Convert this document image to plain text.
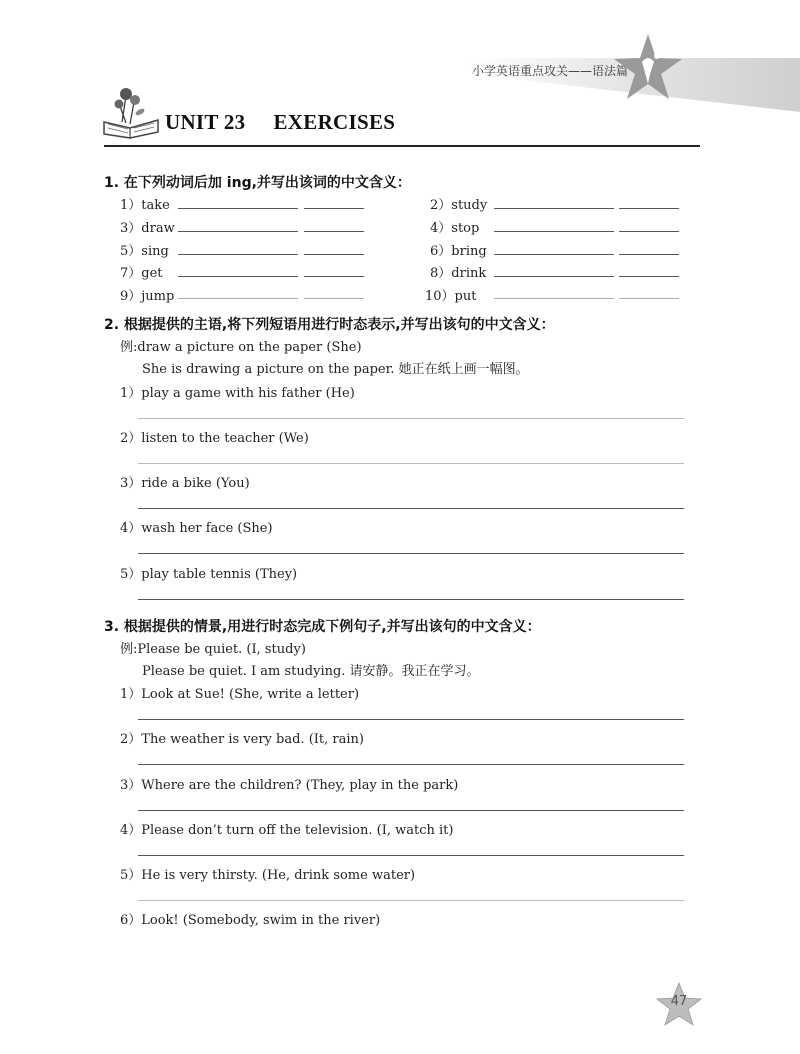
小学英语重点攻关——语法篇
UNIT 23 EXERCISES
1. 在下列动词后加 ing,并写出该词的中文含义：
1）take	2）study
3）draw	4）stop
5）sing	6）bring
7）get	8）drink
9）jump	10）put
2. 根据提供的主语,将下列短语用进行时态表示,并写出该句的中文含义：
例:draw a picture on the paper (She)
She is drawing a picture on the paper. 她正在纸上画一幅图。
1）play a game with his father (He)
2）listen to the teacher (We)
3）ride a bike (You)
4）wash her face (She)
5）play table tennis (They)
3. 根据提供的情景,用进行时态完成下例句子,并写出该句的中文含义：
例:Please be quiet. (I, study)
Please be quiet. I am studying. 请安静。我正在学习。
1）Look at Sue! (She, write a letter)
2）The weather is very bad. (It, rain)
3）Where are the children? (They, play in the park)
4）Please don’t turn off the television. (I, watch it)
5）He is very thirsty. (He, drink some water)
6）Look! (Somebody, swim in the river)
47
